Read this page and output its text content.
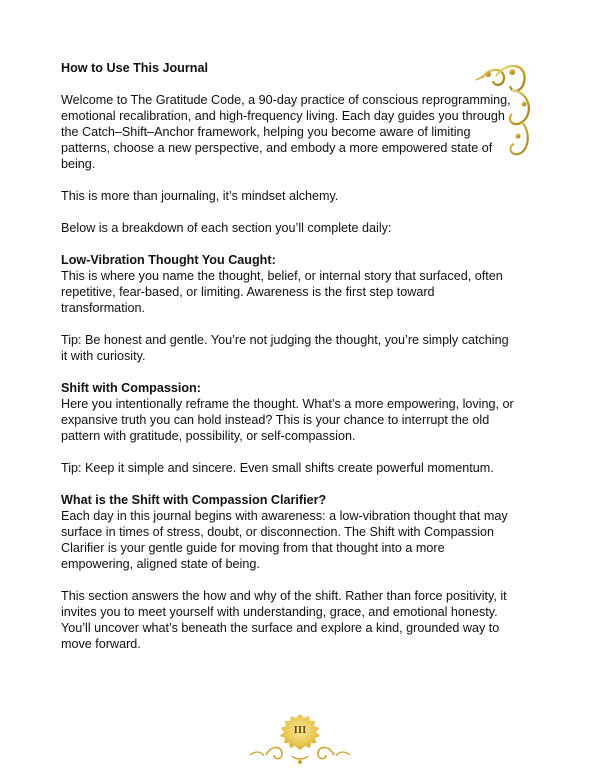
How to Use This Journal

Welcome to The Gratitude Code, a 90-day practice of conscious reprogramming, emotional recalibration, and high-frequency living. Each day guides you through the Catch–Shift–Anchor framework, helping you become aware of limiting patterns, choose a new perspective, and embody a more empowered state of being.

This is more than journaling, it’s mindset alchemy.

Below is a breakdown of each section you’ll complete daily:

Low-Vibration Thought You Caught:

This is where you name the thought, belief, or internal story that surfaced, often repetitive, fear-based, or limiting. Awareness is the first step toward transformation.

Tip: Be honest and gentle. You’re not judging the thought, you’re simply catching it with curiosity.

Shift with Compassion:

Here you intentionally reframe the thought. What’s a more empowering, loving, or expansive truth you can hold instead? This is your chance to interrupt the old pattern with gratitude, possibility, or self-compassion.

Tip: Keep it simple and sincere. Even small shifts create powerful momentum.

What is the Shift with Compassion Clarifier?

Each day in this journal begins with awareness: a low-vibration thought that may surface in times of stress, doubt, or disconnection. The Shift with Compassion Clarifier is your gentle guide for moving from that thought into a more empowering, aligned state of being.

This section answers the how and why of the shift. Rather than force positivity, it invites you to meet yourself with understanding, grace, and emotional honesty. You’ll uncover what’s beneath the surface and explore a kind, grounded way to move forward.

III
